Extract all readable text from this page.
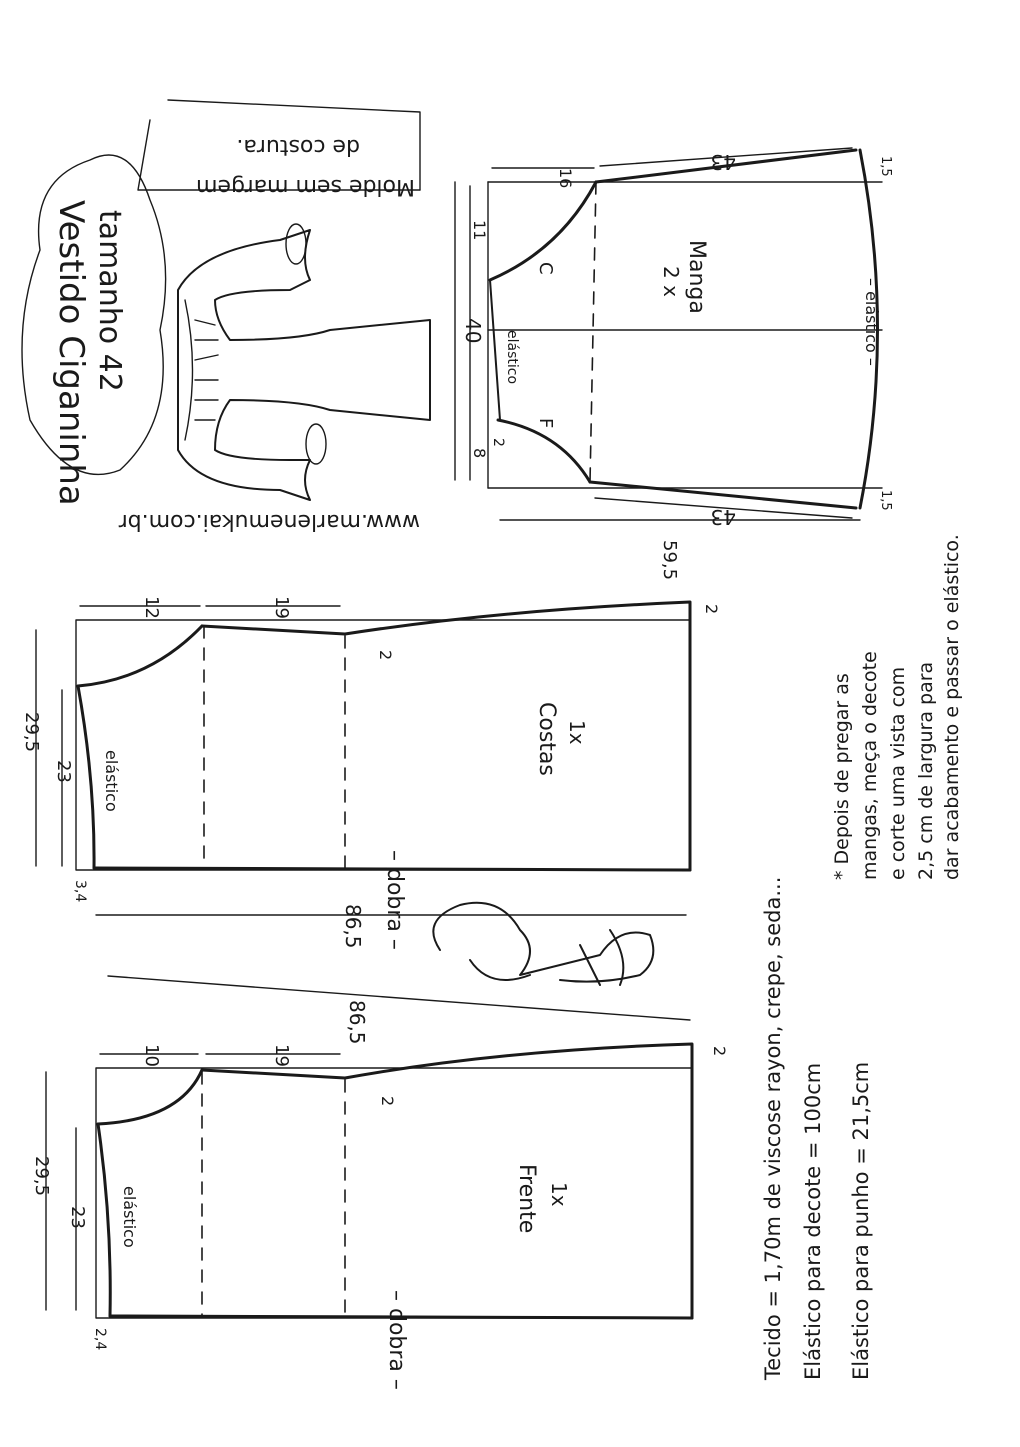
16
43
43
40
59,5
11
8
2
1,5
1,5
C
F
elástico	– elástico –
Manga
2 x
Vestido Ciganinha tamanho 42
www.marlenemukai.com.br
Molde sem margem
de costura.
12	19	2
2
23
29,5
3,4
86,5
elástico
Costas 1x
– dobra –
10	19	2
2
23
29,5
2,4
86,5
elástico	Frente 1x
– dobra –	Tecido = 1,70m de viscose rayon, crepe, seda... Elástico para decote = 100cm Elástico para punho = 21,5cm
* Depois de pregar as mangas, meça o decote e corte uma vista com 2,5 cm de largura para dar acabamento e passar o elástico.
